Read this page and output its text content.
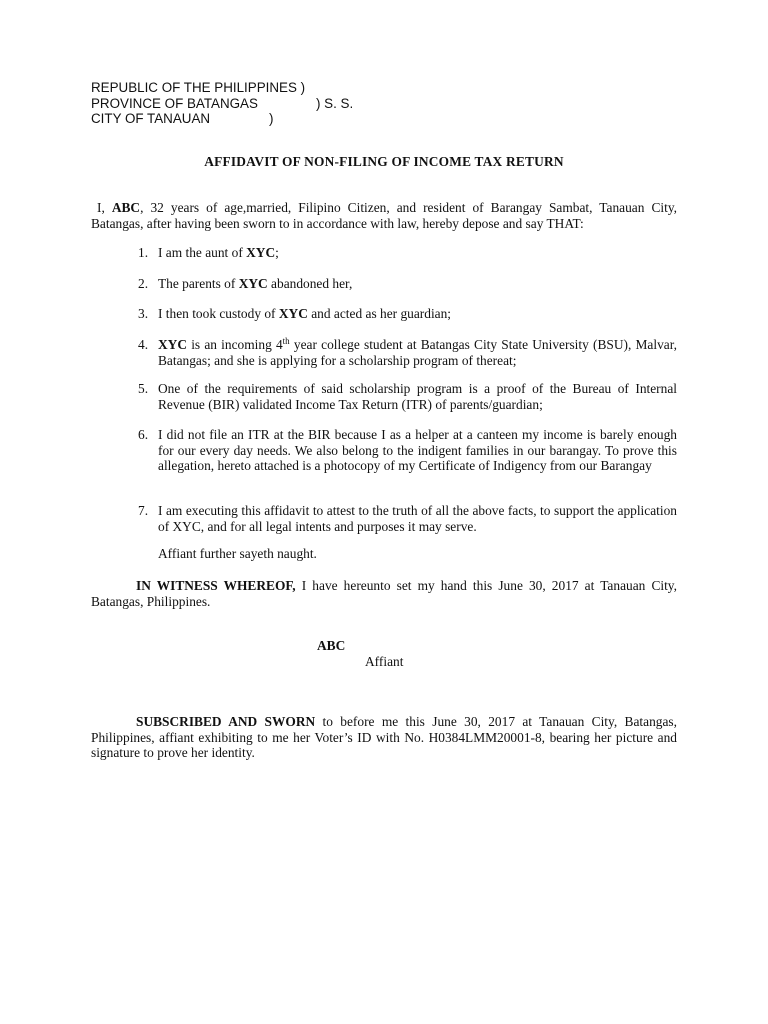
REPUBLIC OF THE PHILIPPINES )
PROVINCE OF BATANGAS	) S. S.
CITY OF TANAUAN	)
AFFIDAVIT OF NON-FILING OF INCOME TAX RETURN
I, ABC, 32 years of age,married, Filipino Citizen, and resident of Barangay Sambat, Tanauan City, Batangas, after having been sworn to in accordance with law, hereby depose and say THAT:
1. I am the aunt of XYC;
2. The parents of XYC abandoned her,
3. I then took custody of XYC and acted as her guardian;
4. XYC is an incoming 4th year college student at Batangas City State University (BSU), Malvar, Batangas; and she is applying for a scholarship program of thereat;
5. One of the requirements of said scholarship program is a proof of the Bureau of Internal Revenue (BIR) validated Income Tax Return (ITR) of parents/guardian;
6. I did not file an ITR at the BIR because I as a helper at a canteen my income is barely enough for our every day needs. We also belong to the indigent families in our barangay. To prove this allegation, hereto attached is a photocopy of my Certificate of Indigency from our Barangay
7. I am executing this affidavit to attest to the truth of all the above facts, to support the application of XYC, and for all legal intents and purposes it may serve.
Affiant further sayeth naught.
IN WITNESS WHEREOF, I have hereunto set my hand this June 30, 2017 at Tanauan City, Batangas, Philippines.
ABC
Affiant
SUBSCRIBED AND SWORN to before me this June 30, 2017 at Tanauan City, Batangas, Philippines, affiant exhibiting to me her Voter’s ID with No. H0384LMM20001-8, bearing her picture and signature to prove her identity.
